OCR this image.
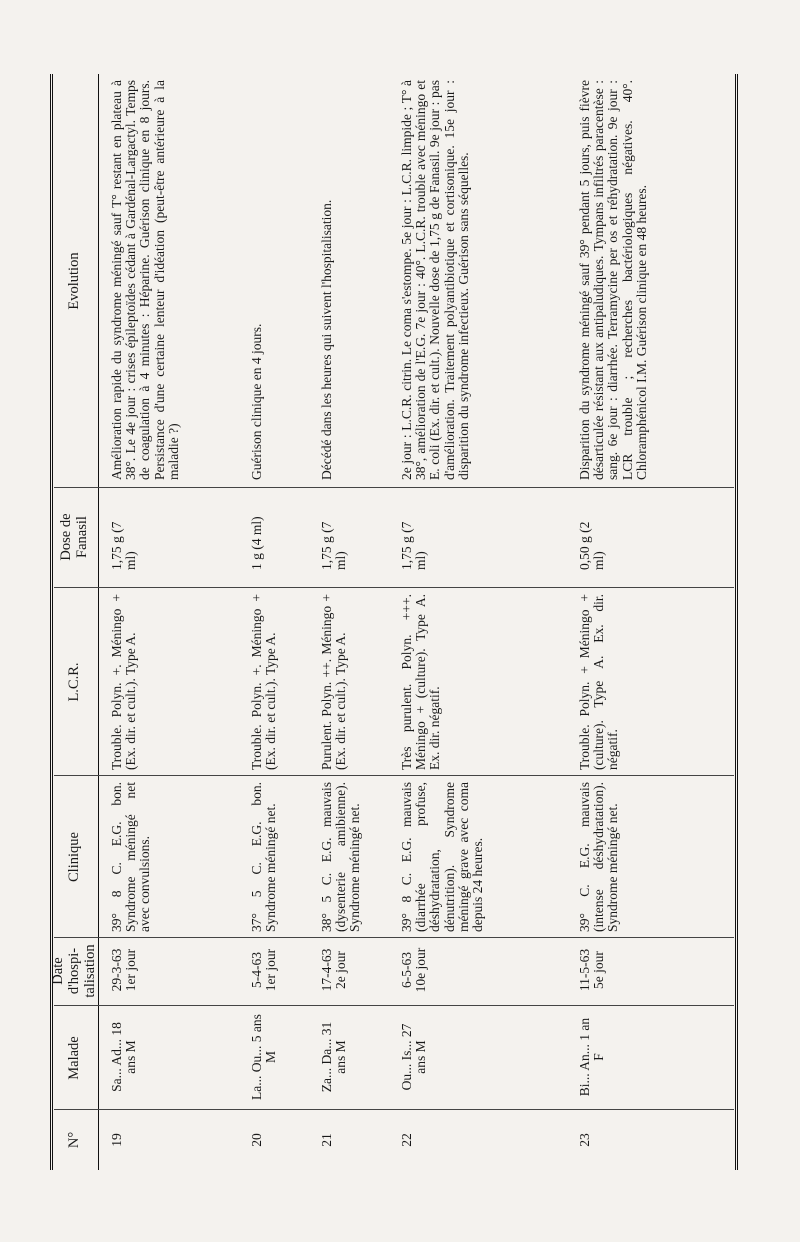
N°
Malade
Date d'hospi-talisation
Clinique
L.C.R.
Dose de Fanasil
Evolution
19
Sa... Ad... 18 ans M
29-3-63 1er jour
39° 8 C. E.G. bon. Syndrome méningé net avec convulsions.
Trouble. Polyn. +. Méningo + (Ex. dir. et cult.). Type A.
1,75 g (7 ml)
Amélioration rapide du syndrome méningé sauf T° restant en plateau à 38°. Le 4e jour : crises épileptoïdes cédant à Gardénal-Largactyl. Temps de coagulation à 4 minutes : Héparine. Guérison clinique en 8 jours. Persistance d'une certaine lenteur d'idéation (peut-être antérieure à la maladie ?)
20
La... Ou... 5 ans M
5-4-63 1er jour
37° 5 C. E.G. bon. Syndrome méningé net.
Trouble. Polyn. +. Méningo + (Ex. dir. et cult.). Type A.
1 g (4 ml)
Guérison clinique en 4 jours.
21
Za... Da... 31 ans M
17-4-63 2e jour
38° 5 C. E.G. mauvais (dysenterie amibienne). Syndrome méningé net.
Purulent. Polyn. ++. Méningo + (Ex. dir. et cult.). Type A.
1,75 g (7 ml)
Décédé dans les heures qui suivent l'hospitalisation.
22
Ou... Is... 27 ans M
6-5-63 10e jour
39° 8 C. E.G. mauvais (diarrhée profuse, déshydratation, dénutrition). Syndrome méningé grave avec coma depuis 24 heures.
Très purulent. Polyn. +++. Méningo + (culture). Type A. Ex. dir. négatif.
1,75 g (7 ml)
2e jour : L.C.R. citrin. Le coma s'estompe. 5e jour : L.C.R. limpide ; T° à 38°, amélioration de l'E.G. 7e jour : 40°. L.C.R. trouble avec méningo et E. coli (Ex. dir. et cult.). Nouvelle dose de 1,75 g de Fanasil. 9e jour : pas d'amélioration. Traitement polyantibiotique et cortisonique. 15e jour : disparition du syndrome infectieux. Guérison sans séquelles.
23
Bi... An... 1 an F
11-5-63 5e jour
39° C. E.G. mauvais (intense déshydratation). Syndrome méningé net.
Trouble. Polyn. + Méningo + (culture). Type A. Ex. dir. négatif.
0,50 g (2 ml)
Disparition du syndrome méningé sauf 39° pendant 5 jours, puis fièvre désarticulée résistant aux antipaludiques. Tympans infiltrés paracentèse : sang. 6e jour : diarrhée. Terramycine per os et réhydratation. 9e jour : LCR trouble ; recherches bactériologiques négatives. 40°. Chloramphénicol I.M. Guérison clinique en 48 heures.
